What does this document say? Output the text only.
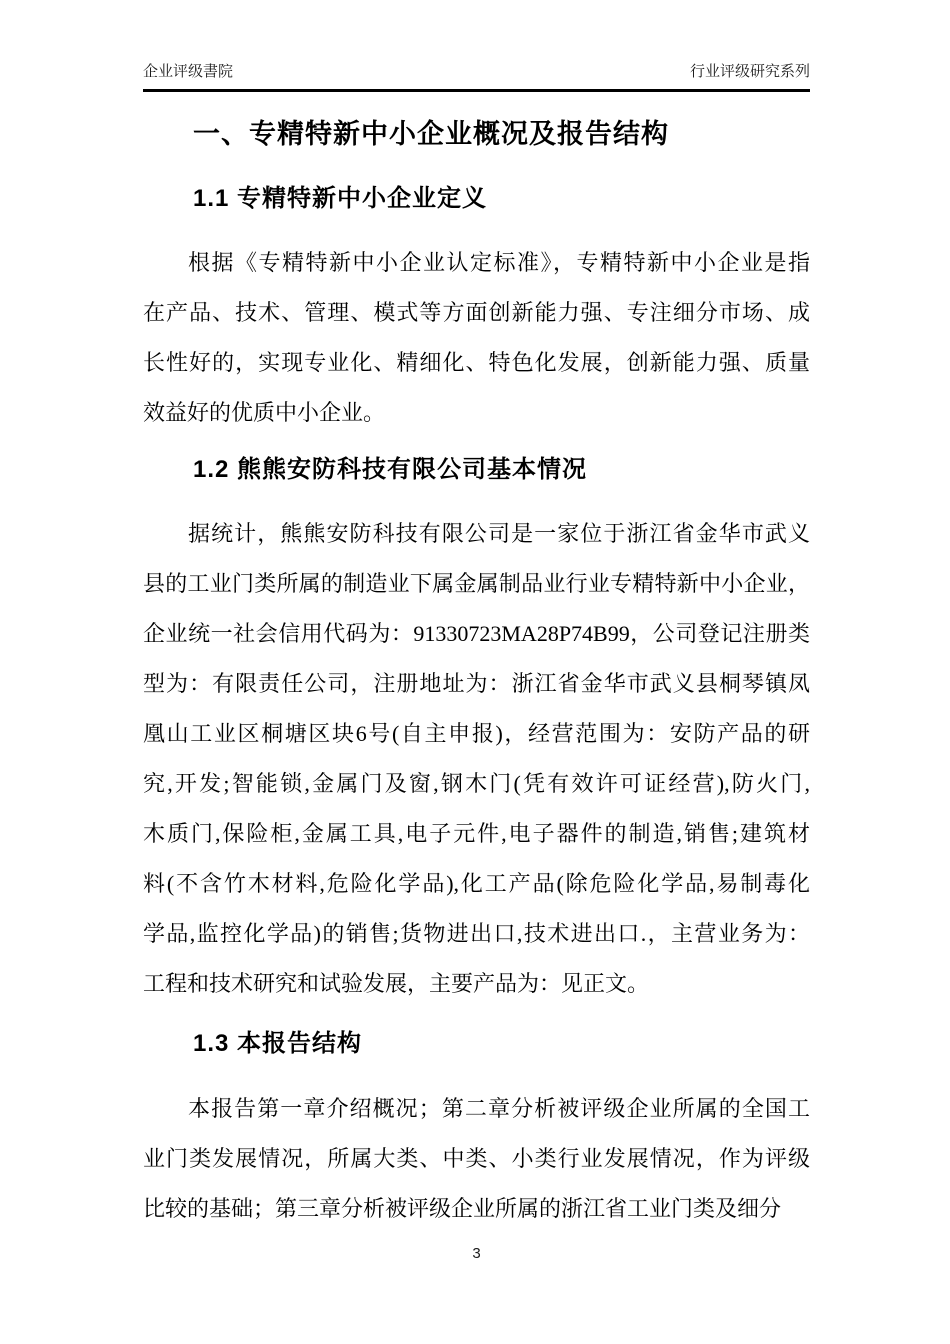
企业评级書院	行业评级研究系列
一、专精特新中小企业概况及报告结构
1.1 专精特新中小企业定义
根据《专精特新中小企业认定标准》，专精特新中小企业是指
在产品、技术、管理、模式等方面创新能力强、专注细分市场、成
长性好的，实现专业化、精细化、特色化发展，创新能力强、质量
效益好的优质中小企业。
1.2 熊熊安防科技有限公司基本情况
据统计，熊熊安防科技有限公司是一家位于浙江省金华市武义
县的工业门类所属的制造业下属金属制品业行业专精特新中小企业，
企业统一社会信用代码为：91330723MA28P74B99，公司登记注册类
型为：有限责任公司，注册地址为：浙江省金华市武义县桐琴镇凤
凰山工业区桐塘区块6号(自主申报)，经营范围为：安防产品的研
究,开发;智能锁,金属门及窗,钢木门(凭有效许可证经营),防火门,
木质门,保险柜,金属工具,电子元件,电子器件的制造,销售;建筑材
料(不含竹木材料,危险化学品),化工产品(除危险化学品,易制毒化
学品,监控化学品)的销售;货物进出口,技术进出口.，主营业务为：
工程和技术研究和试验发展，主要产品为：见正文。
1.3 本报告结构
本报告第一章介绍概况；第二章分析被评级企业所属的全国工
业门类发展情况，所属大类、中类、小类行业发展情况，作为评级
比较的基础；第三章分析被评级企业所属的浙江省工业门类及细分
3
